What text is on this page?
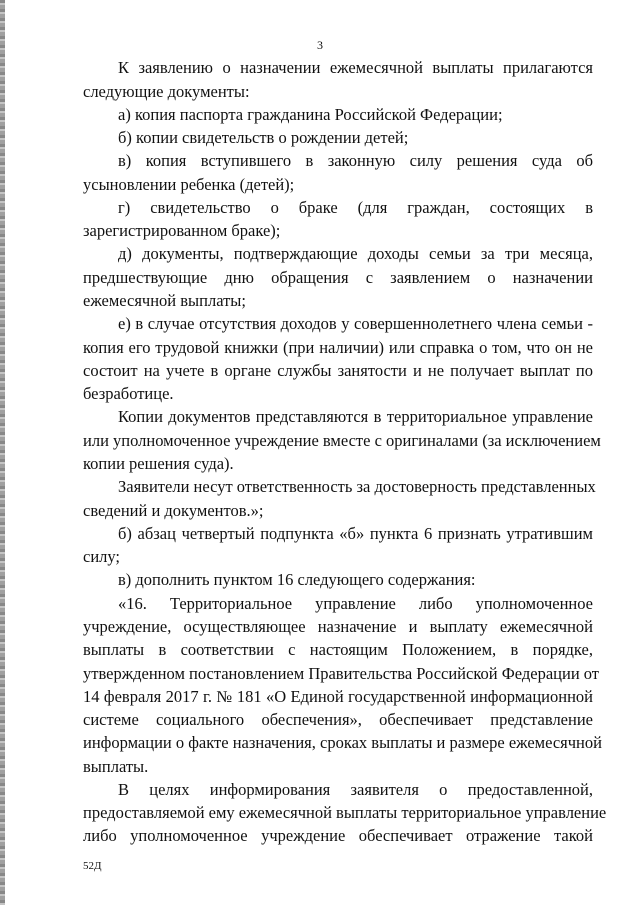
3
К заявлению о назначении ежемесячной выплаты прилагаются
следующие документы:
а) копия паспорта гражданина Российской Федерации;
б) копии свидетельств о рождении детей;
в) копия вступившего в законную силу решения суда об
усыновлении ребенка (детей);
г) свидетельство о браке (для граждан, состоящих в
зарегистрированном браке);
д) документы, подтверждающие доходы семьи за три месяца,
предшествующие дню обращения с заявлением о назначении
ежемесячной выплаты;
е) в случае отсутствия доходов у совершеннолетнего члена семьи -
копия его трудовой книжки (при наличии) или справка о том, что он не
состоит на учете в органе службы занятости и не получает выплат по
безработице.
Копии документов представляются в территориальное управление
или уполномоченное учреждение вместе с оригиналами (за исключением
копии решения суда).
Заявители несут ответственность за достоверность представленных
сведений и документов.»;
б) абзац четвертый подпункта «б» пункта 6 признать утратившим
силу;
в) дополнить пунктом 16 следующего содержания:
«16. Территориальное управление либо уполномоченное
учреждение, осуществляющее назначение и выплату ежемесячной
выплаты в соответствии с настоящим Положением, в порядке,
утвержденном постановлением Правительства Российской Федерации от
14 февраля 2017 г. № 181 «О Единой государственной информационной
системе социального обеспечения», обеспечивает представление
информации о факте назначения, сроках выплаты и размере ежемесячной
выплаты.
В целях информирования заявителя о предоставленной,
предоставляемой ему ежемесячной выплаты территориальное управление
либо уполномоченное учреждение обеспечивает отражение такой
52Д
